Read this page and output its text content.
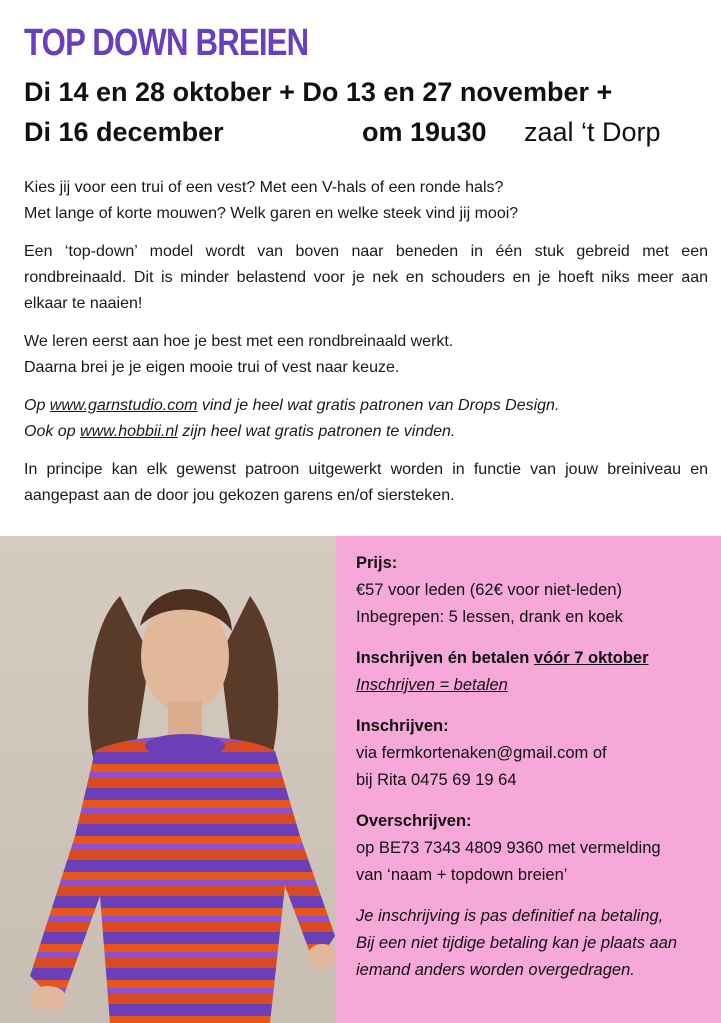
TOP DOWN BREIEN
Di 14 en 28 oktober + Do 13 en 27 november +
Di 16 december	om 19u30 zaal ‘t Dorp

Kies jij voor een trui of een vest? Met een V-hals of een ronde hals?
Met lange of korte mouwen? Welk garen en welke steek vind jij mooi?

Een ‘top-down’ model wordt van boven naar beneden in één stuk gebreid met een rondbreinaald. Dit is minder belastend voor je nek en schouders en je hoeft niks meer aan elkaar te naaien!

We leren eerst aan hoe je best met een rondbreinaald werkt.
Daarna brei je je eigen mooie trui of vest naar keuze.

Op www.garnstudio.com vind je heel wat gratis patronen van Drops Design.
Ook op www.hobbii.nl zijn heel wat gratis patronen te vinden.

In principe kan elk gewenst patroon uitgewerkt worden in functie van jouw breiniveau en aangepast aan de door jou gekozen garens en/of siersteken.

Prijs:
€57 voor leden (62€ voor niet-leden)
Inbegrepen: 5 lessen, drank en koek
Inschrijven én betalen vóór 7 oktober
Inschrijven = betalen
Inschrijven:
via fermkortenaken@gmail.com of
bij Rita 0475 69 19 64
Overschrijven:
op BE73 7343 4809 9360 met vermelding
van ‘naam + topdown breien’
Je inschrijving is pas definitief na betaling,
Bij een niet tijdige betaling kan je plaats aan
iemand anders worden overgedragen.
